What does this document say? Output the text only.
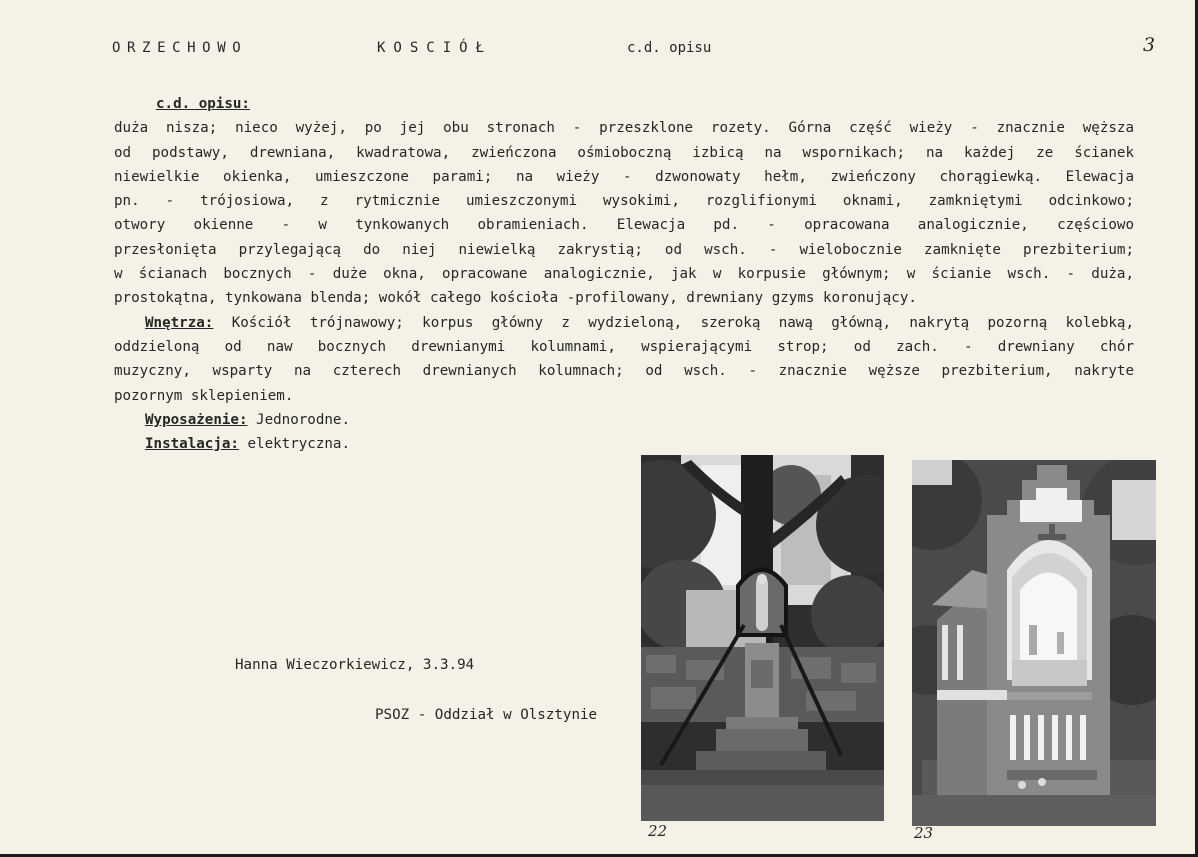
ORZECHOWO	KOSCIÓŁ	c.d. opisu	3
c.d. opisu:
duża nisza; nieco wyżej, po jej obu stronach - przeszklone rozety. Górna część wieży - znacznie węższa
od podstawy, drewniana, kwadratowa, zwieńczona ośmioboczną izbicą na wspornikach; na każdej ze ścianek
niewielkie okienka, umieszczone parami; na wieży - dzwonowaty hełm, zwieńczony chorągiewką. Elewacja
pn. - trójosiowa, z rytmicznie umieszczonymi wysokimi, rozglifionymi oknami, zamkniętymi odcinkowo;
otwory okienne - w tynkowanych obramieniach. Elewacja pd. - opracowana analogicznie, częściowo
przesłonięta przylegającą do niej niewielką zakrystią; od wsch. - wielobocznie zamknięte prezbiterium;
w ścianach bocznych - duże okna, opracowane analogicznie, jak w korpusie głównym; w ścianie wsch. - duża,
prostokątna, tynkowana blenda; wokół całego kościoła -profilowany, drewniany gzyms koronujący.
Wnętrza: Kościół trójnawowy; korpus główny z wydzieloną, szeroką nawą główną, nakrytą pozorną kolebką,
oddzieloną od naw bocznych drewnianymi kolumnami, wspierającymi strop; od zach. - drewniany chór
muzyczny, wsparty na czterech drewnianych kolumnach; od wsch. - znacznie węższe prezbiterium, nakryte
pozornym sklepieniem.
Wyposażenie: Jednorodne.
Instalacja: elektryczna.
Hanna Wieczorkiewicz, 3.3.94
PSOZ - Oddział w Olsztynie
22	23
